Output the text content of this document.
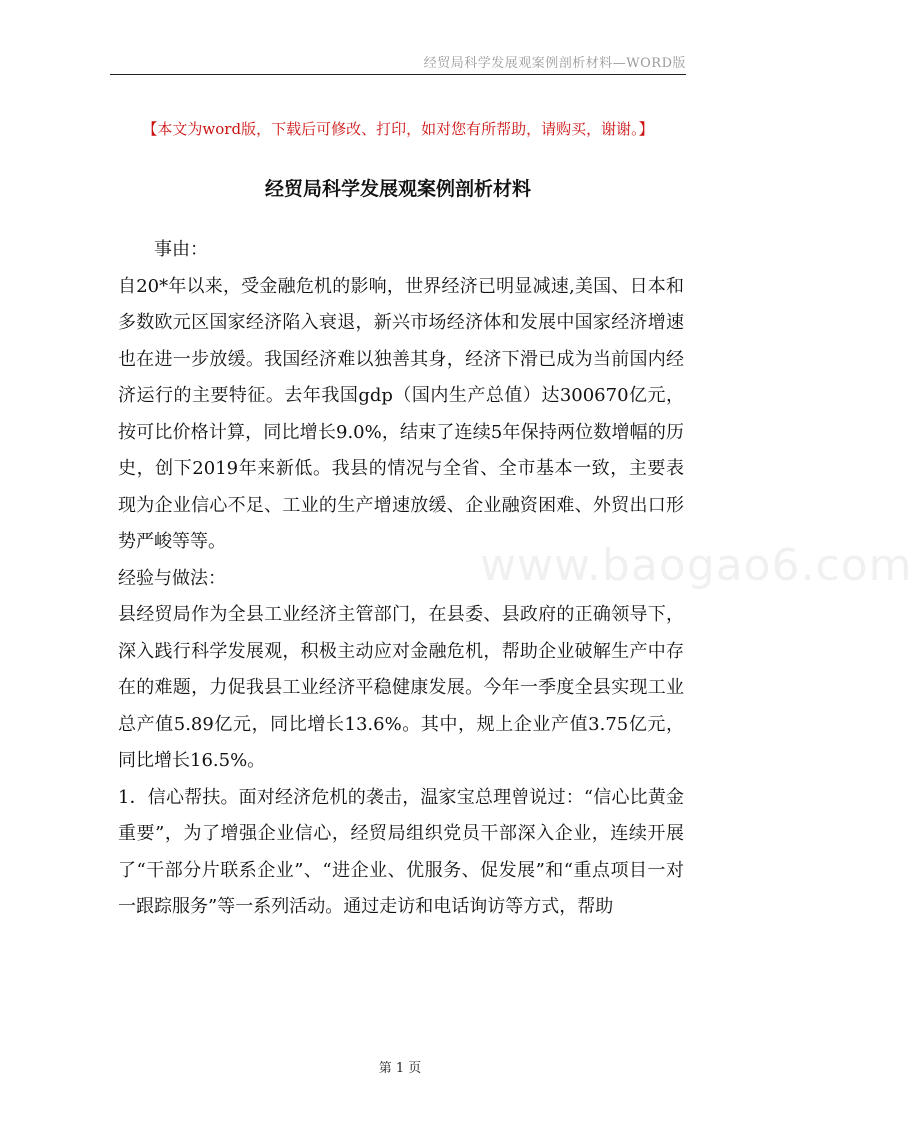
经贸局科学发展观案例剖析材料—WORD版
【本文为word版，下载后可修改、打印，如对您有所帮助，请购买，谢谢。】
经贸局科学发展观案例剖析材料

事由：

自20*年以来，受金融危机的影响，世界经济已明显减速,美国、日本和多数欧元区国家经济陷入衰退，新兴市场经济体和发展中国家经济增速也在进一步放缓。我国经济难以独善其身，经济下滑已成为当前国内经济运行的主要特征。去年我国gdp（国内生产总值）达300670亿元，按可比价格计算，同比增长9.0%，结束了连续5年保持两位数增幅的历史，创下2019年来新低。我县的情况与全省、全市基本一致，主要表现为企业信心不足、工业的生产增速放缓、企业融资困难、外贸出口形势严峻等等。

经验与做法：

县经贸局作为全县工业经济主管部门，在县委、县政府的正确领导下，深入践行科学发展观，积极主动应对金融危机，帮助企业破解生产中存在的难题，力促我县工业经济平稳健康发展。今年一季度全县实现工业总产值5.89亿元，同比增长13.6%。其中，规上企业产值3.75亿元，同比增长16.5%。

1．信心帮扶。面对经济危机的袭击，温家宝总理曾说过：“信心比黄金重要”，为了增强企业信心，经贸局组织党员干部深入企业，连续开展了“干部分片联系企业”、“进企业、优服务、促发展”和“重点项目一对一跟踪服务”等一系列活动。通过走访和电话询访等方式，帮助

www.baogao6.com
第 1 页
